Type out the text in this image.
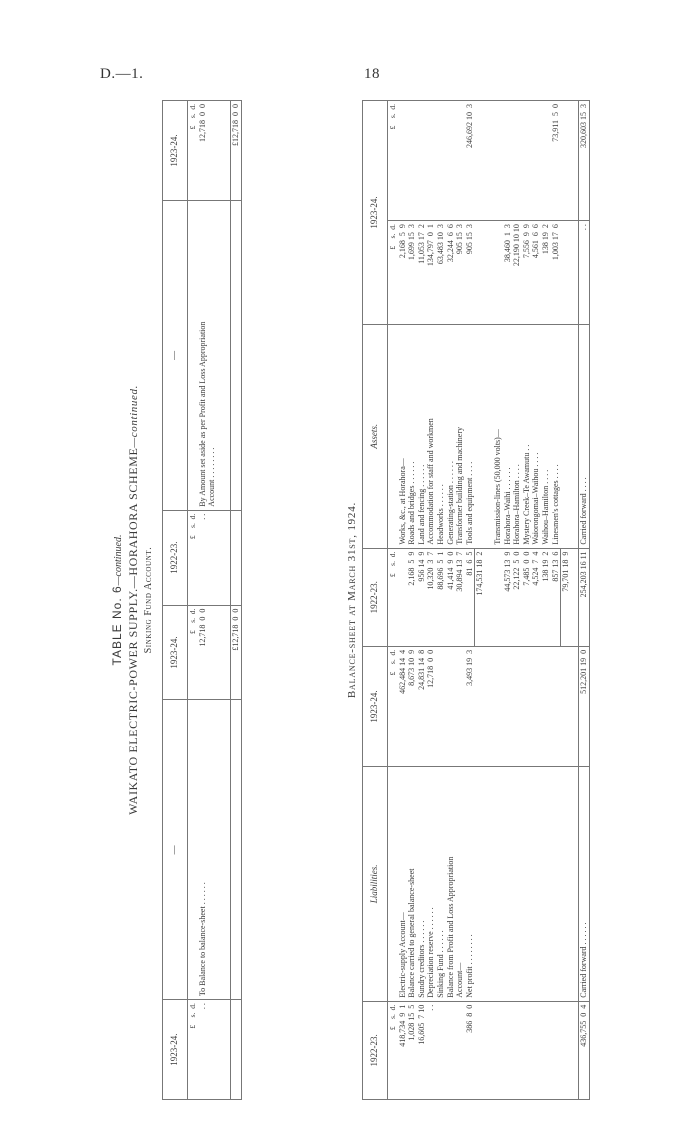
D.—1.	18
TABLE No. 6—continued. WAIKATO ELECTRIC-POWER SUPPLY.—HORAHORA SCHEME—continued.
Sinking Fund Account.	Balance-sheet at March 31st, 1924.
1923-24.	—	1923-24.	1922-23.	—	1923-24.
£    s.  d.		£    s.  d.	£    s.  d.		£    s.  d.
. .	To Balance to balance-sheet . . . . . .	12,718  0  0	. .	By Amount set aside as per Profit and Loss Appropriation	12,718  0  0
				Account . . . . . . . .	

		£12,718  0  0			£12,718  0  0
1922-23.	Liabilities.	1923-24.	1922-23.	Assets.	1923-24.	
£    s.  d.		£    s.  d.	£    s.  d.		£    s.  d.	£    s.  d.
418,734  9  1	Electric-supply Account—	462,484 14  4		Works, &c., at Horahora—	2,168  5  9	
1,028 15  5	Balance carried to general balance-sheet	8,673 10  9	2,168  5  9	Roads and bridges . . . . . .	1,699 15  3	
16,605  7 10	Sundry creditors . . . . . .	24,831 14  8	956 14  9	Land and fencing . . . . . .	11,053 17  2	
. .	Depreciation reserve . . . . . .	12,718  0  0	10,320  3  7	Accommodation for staff and workmen	134,797  0  1	
	Sinking Fund . . . . . .		88,696  5  1	Headworks . . . . . .	63,483 10  3	
	Balance from Profit and Loss Appropriation		41,414  9  0	Generating-station . . . . . .	32,244  6  6	
	Account—		30,894 13  7	Transformer building and machinery	905 15  3	
386  8  0	Net profit . . . . . . . .	3,493 19  3	81  6  5	Tools and equipment . . . .	905 15  3	246,692 10  3
			174,531 18  2			

				Transmission-lines (50,000 volts)—		
			44,573 13  9	Horahora–Waihi . . . . . .	38,460  1  3	
			22,122  5  0	Horahora–Hamilton . . . .	22,190 10 10	
			7,485  0  0	Mystery Creek–Te Awamutu . .	7,556  9  9	
			4,524  7  4	Waiorongomai–Waihou . . . .	4,561  6  6	
			138 19  2	Waihou–Hamilton . . . .	138 19  2	
			857 13  6	Linesmen's cottages . . . .	1,003 17  6	73,911  5  0
			79,701 18  9			

436,755  0  4	Carried forward . . . . . .	512,201 19  0	254,203 16 11	Carried forward . . . .	. .	320,603 15  3
